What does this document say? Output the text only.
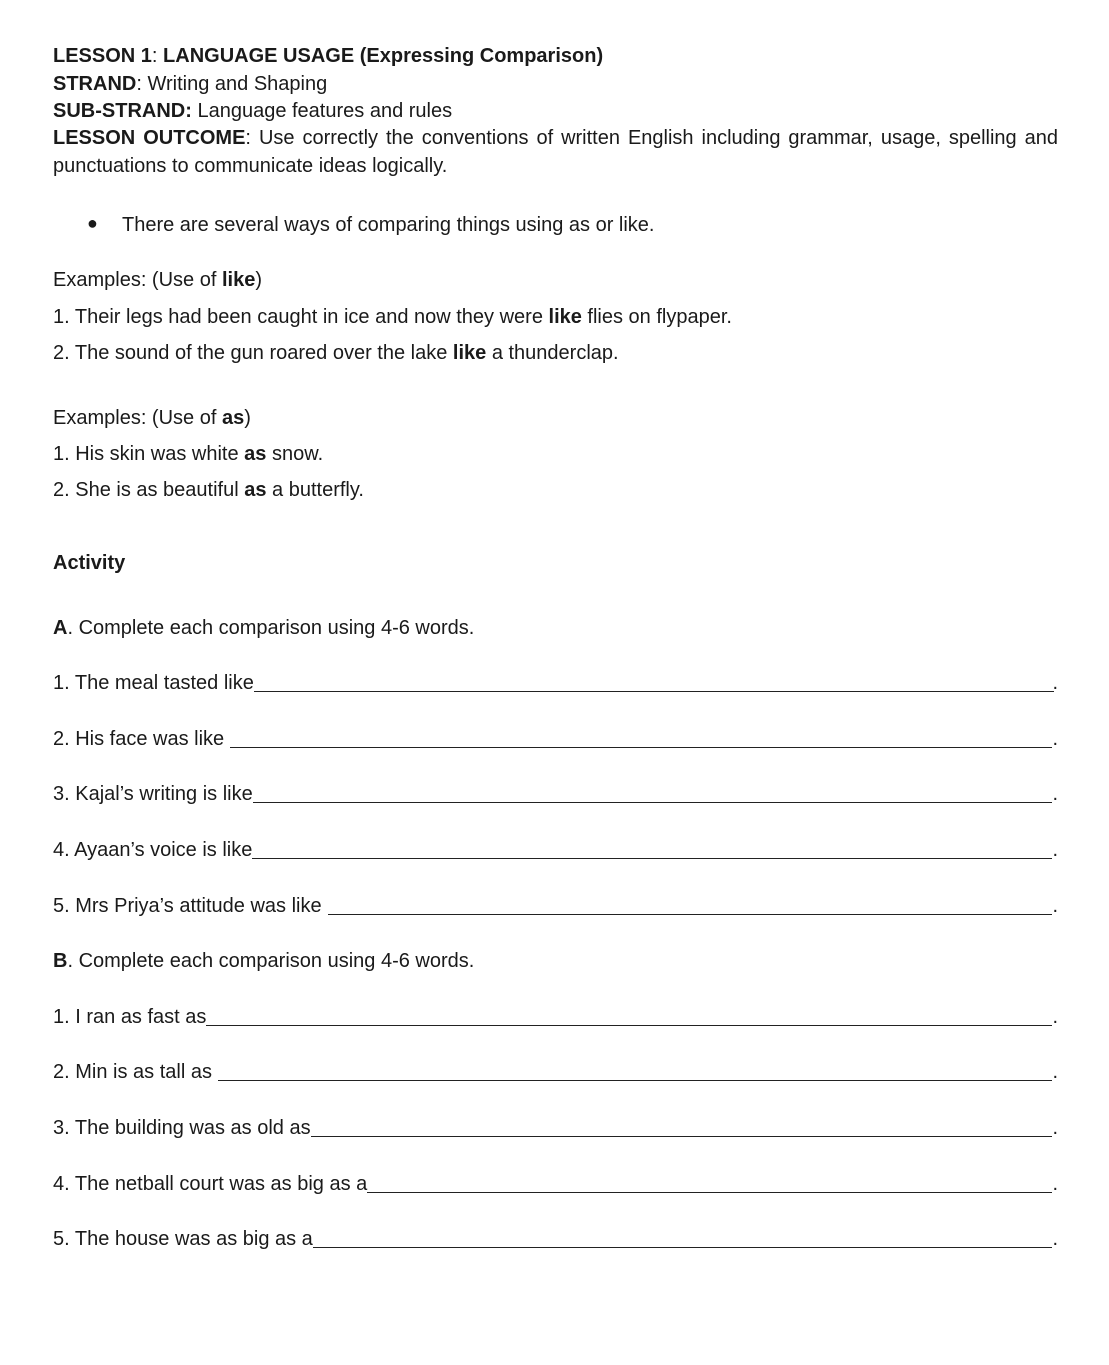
LESSON 1: LANGUAGE USAGE (Expressing Comparison)
STRAND: Writing and Shaping
SUB-STRAND: Language features and rules
LESSON OUTCOME: Use correctly the conventions of written English including grammar, usage, spelling and punctuations to communicate ideas logically.
● There are several ways of comparing things using as or like.
Examples: (Use of like)
1. Their legs had been caught in ice and now they were like flies on flypaper.
2. The sound of the gun roared over the lake like a thunderclap.
Examples: (Use of as)
1. His skin was white as snow.
2. She is as beautiful as a butterfly.
Activity
A. Complete each comparison using 4-6 words.
1. The meal tasted like	.
2. His face was like	.
3. Kajal’s writing is like	.
4. Ayaan’s voice is like	.
5. Mrs Priya’s attitude was like	.
B. Complete each comparison using 4-6 words.
1. I ran as fast as	.
2. Min is as tall as	.
3. The building was as old as	.
4. The netball court was as big as a	.
5. The house was as big as a	.
